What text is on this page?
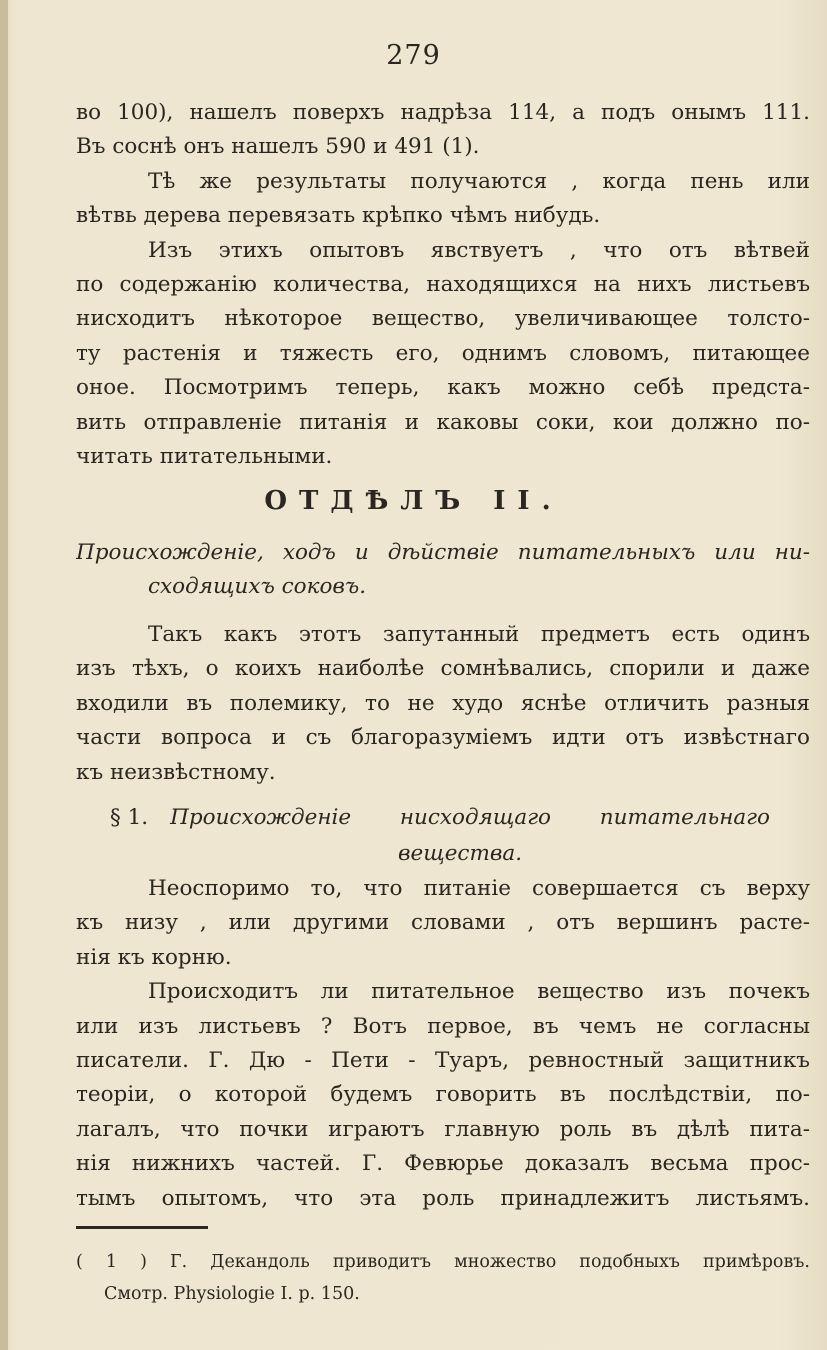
279
во 100), нашелъ поверхъ надрѣза 114, а подъ онымъ 111.
Въ соснѣ онъ нашелъ 590 и 491 (1).
Тѣ же результаты получаются , когда пень или
вѣтвь дерева перевязать крѣпко чѣмъ нибудь.
Изъ этихъ опытовъ явствуетъ , что отъ вѣтвей
по содержанію количества, находящихся на нихъ листьевъ
нисходитъ нѣкоторое вещество, увеличивающее толсто-
ту растенія и тяжесть его, однимъ словомъ, питающее
оное. Посмотримъ теперь, какъ можно себѣ предста-
вить отправленіе питанія и каковы соки, кои должно по-
читать питательными.
ОТДѢЛЪ II.
Происхожденіе, ходъ и дѣйствіе питательныхъ или ни-
сходящихъ соковъ.
Такъ какъ этотъ запутанный предметъ есть одинъ
изъ тѣхъ, о коихъ наиболѣе сомнѣвались, спорили и даже
входили въ полемику, то не худо яснѣе отличить разныя
части вопроса и съ благоразуміемъ идти отъ извѣстнаго
къ неизвѣстному.
§ 1.	Происхожденіе нисходящаго питательнаго
вещества.
Неоспоримо то, что питаніе совершается съ верху
къ низу , или другими словами , отъ вершинъ расте-
нія къ корню.
Происходитъ ли питательное вещество изъ почекъ
или изъ листьевъ ? Вотъ первое, въ чемъ не согласны
писатели. Г. Дю - Пети - Туаръ, ревностный защитникъ
теоріи, о которой будемъ говорить въ послѣдствіи, по-
лагалъ, что почки играютъ главную роль въ дѣлѣ пита-
нія нижнихъ частей. Г. Февюрье доказалъ весьма прос-
тымъ опытомъ, что эта роль принадлежитъ листьямъ.
( 1 ) Г. Декандоль приводитъ множество подобныхъ примѣровъ.
Смотр. Physiologie I. p. 150.
